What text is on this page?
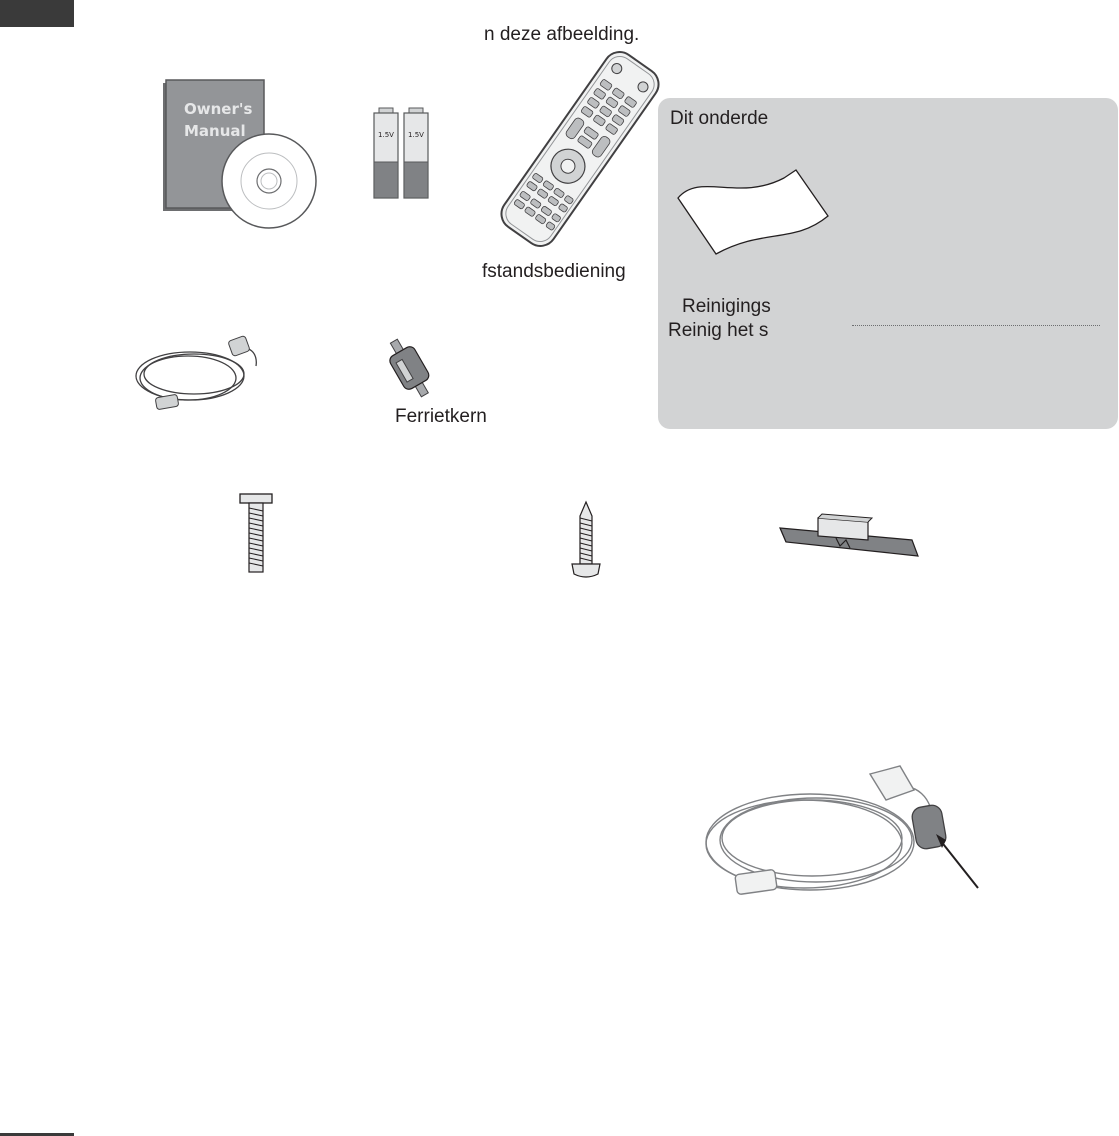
n deze afbeelding.
Owner's
Manual	1.5V 1.5V
fstandsbediening
Dit onderde
Reinigings
Reinig het s
Ferrietkern
